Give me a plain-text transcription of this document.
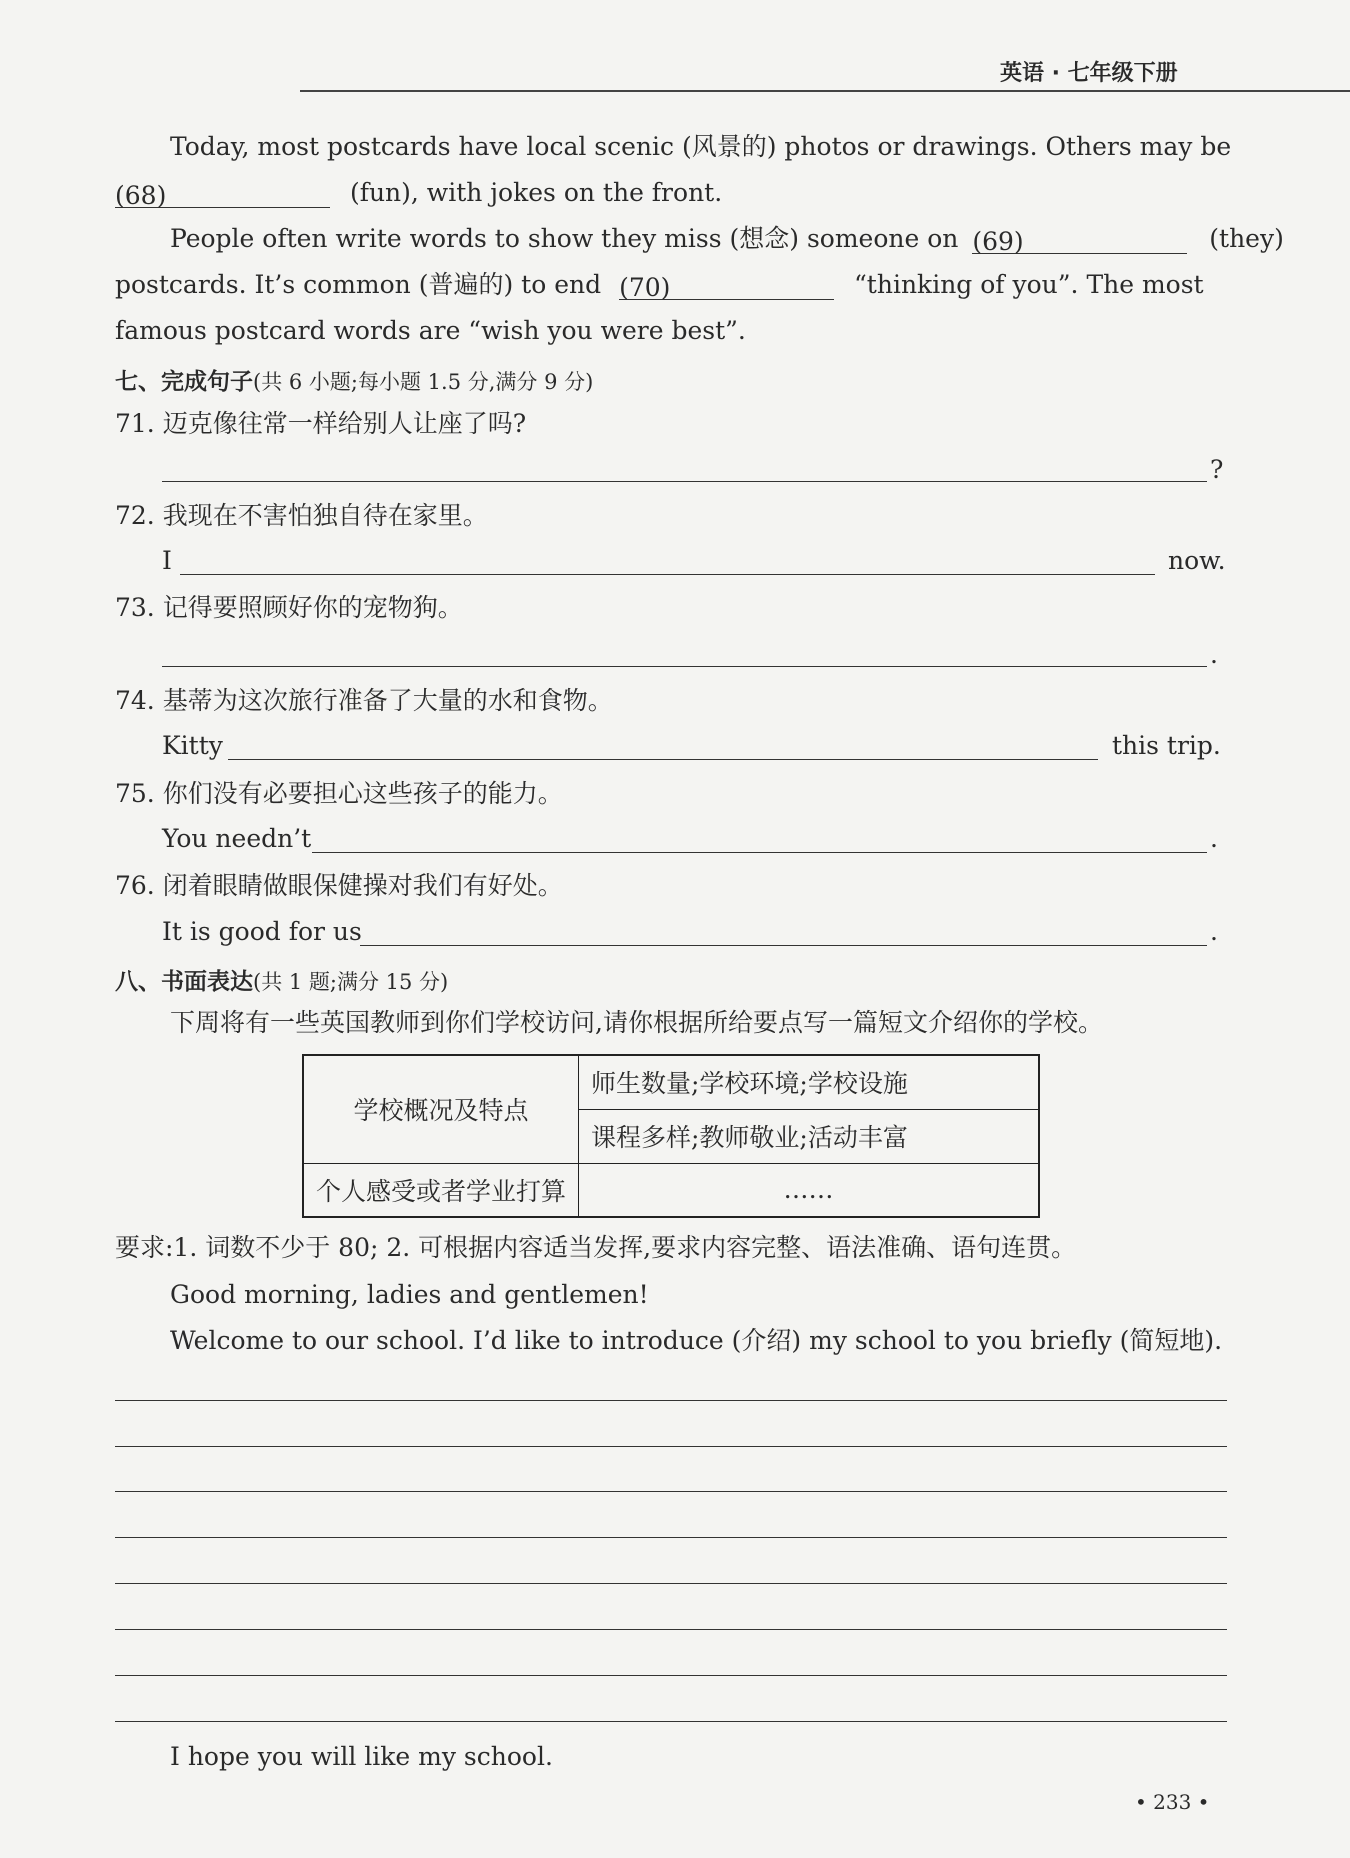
英语 · 七年级下册
Today, most postcards have local scenic (风景的) photos or drawings. Others may be
(68)	(fun), with jokes on the front.
People often write words to show they miss (想念) someone on (69)	(they)
postcards. It’s common (普遍的) to end (70)	“thinking of you”. The most
famous postcard words are “wish you were best”.
七、完成句子(共 6 小题;每小题 1.5 分,满分 9 分)
71. 迈克像往常一样给别人让座了吗?
?
72. 我现在不害怕独自待在家里。
I	now.
73. 记得要照顾好你的宠物狗。
.
74. 基蒂为这次旅行准备了大量的水和食物。
Kitty	this trip.
75. 你们没有必要担心这些孩子的能力。
You needn’t	.
76. 闭着眼睛做眼保健操对我们有好处。
It is good for us	.
八、书面表达(共 1 题;满分 15 分)
下周将有一些英国教师到你们学校访问,请你根据所给要点写一篇短文介绍你的学校。
学校概况及特点	师生数量;学校环境;学校设施
	课程多样;教师敬业;活动丰富
个人感受或者学业打算	……
要求:1. 词数不少于 80; 2. 可根据内容适当发挥,要求内容完整、语法准确、语句连贯。
Good morning, ladies and gentlemen!
Welcome to our school. I’d like to introduce (介绍) my school to you briefly (简短地).
I hope you will like my school.
• 233 •
